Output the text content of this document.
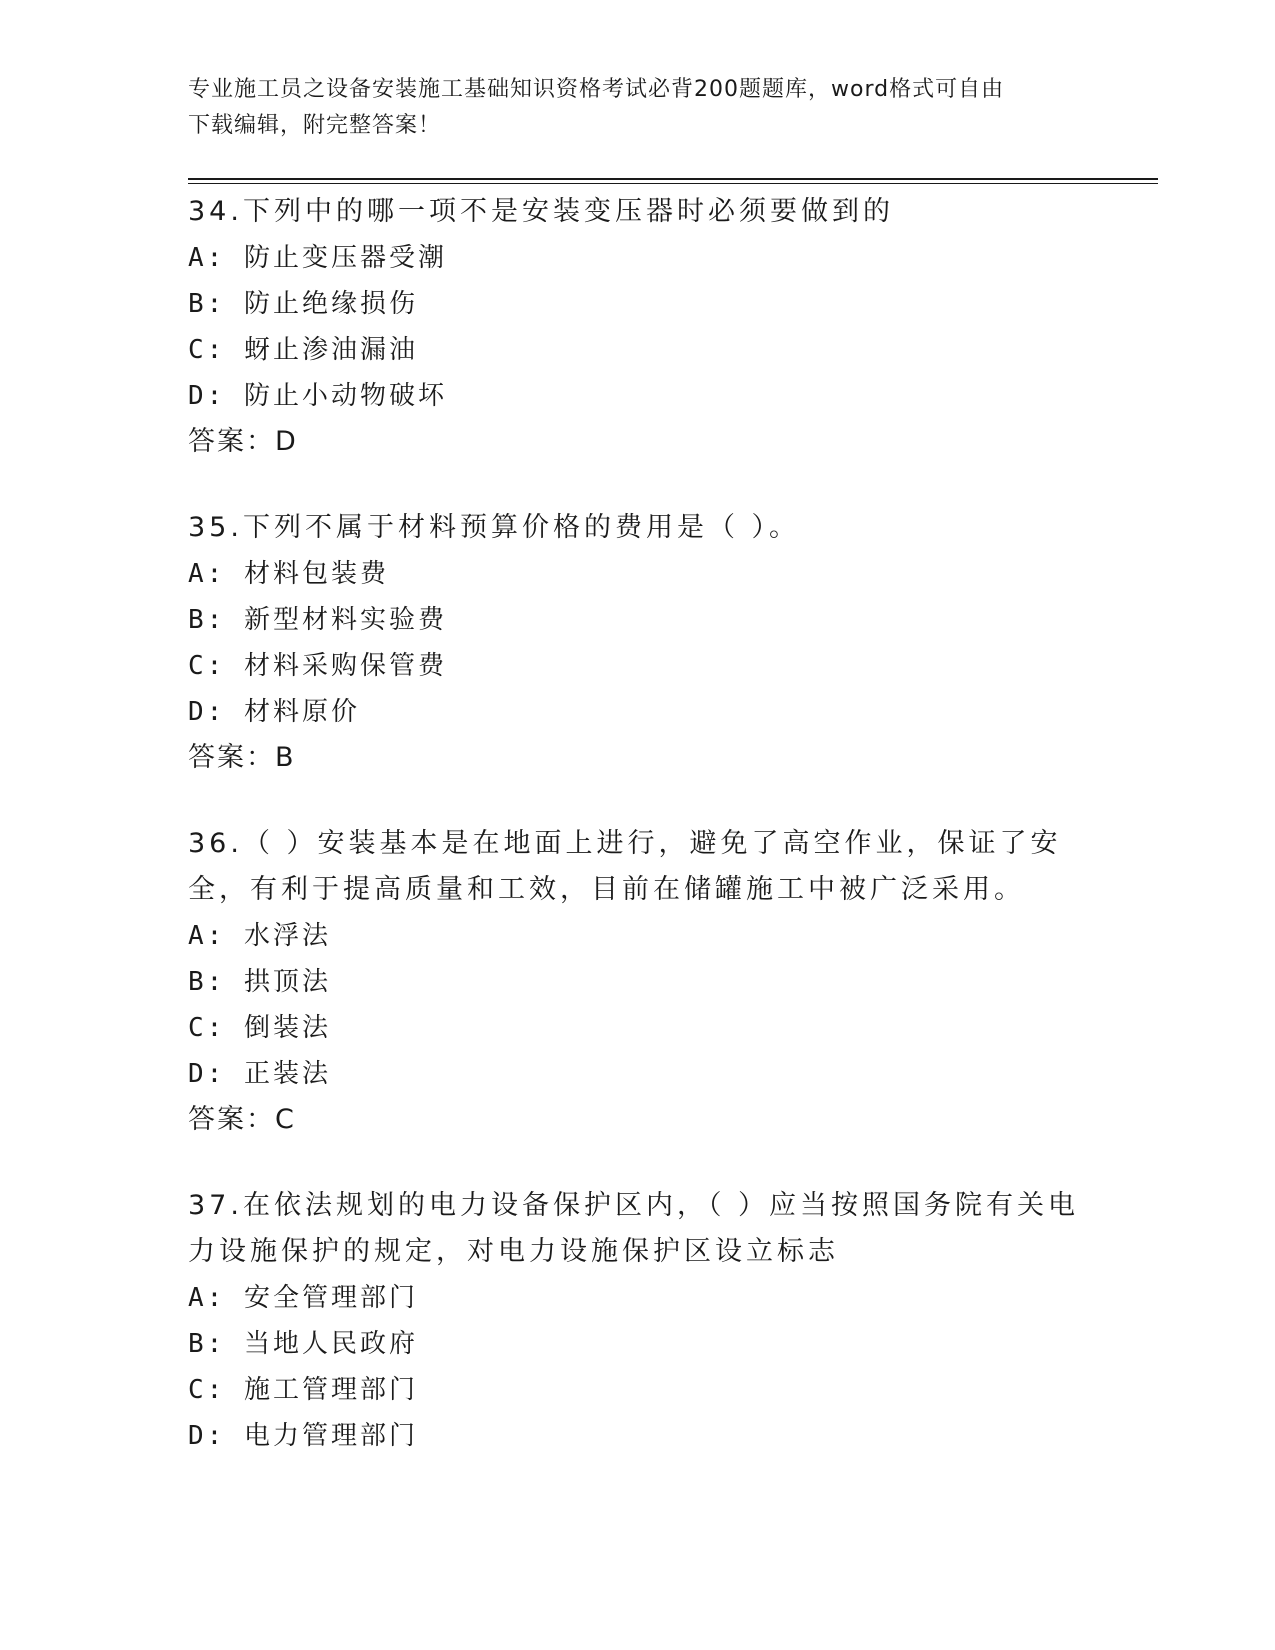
专业施工员之设备安装施工基础知识资格考试必背200题题库，word格式可自由
下载编辑，附完整答案！
34.下列中的哪一项不是安装变压器时必须要做到的
A: 防止变压器受潮
B: 防止绝缘损伤
C: 蚜止渗油漏油
D: 防止小动物破坏
答案：D
35.下列不属于材料预算价格的费用是（ ）。
A: 材料包装费
B: 新型材料实验费
C: 材料采购保管费
D: 材料原价
答案：B
36.（ ）安装基本是在地面上进行，避免了高空作业，保证了安全，有利于提高质量和工效，目前在储罐施工中被广泛采用。
A: 水浮法
B: 拱顶法
C: 倒装法
D: 正装法
答案：C
37.在依法规划的电力设备保护区内，（ ）应当按照国务院有关电力设施保护的规定，对电力设施保护区设立标志
A: 安全管理部门
B: 当地人民政府
C: 施工管理部门
D: 电力管理部门
